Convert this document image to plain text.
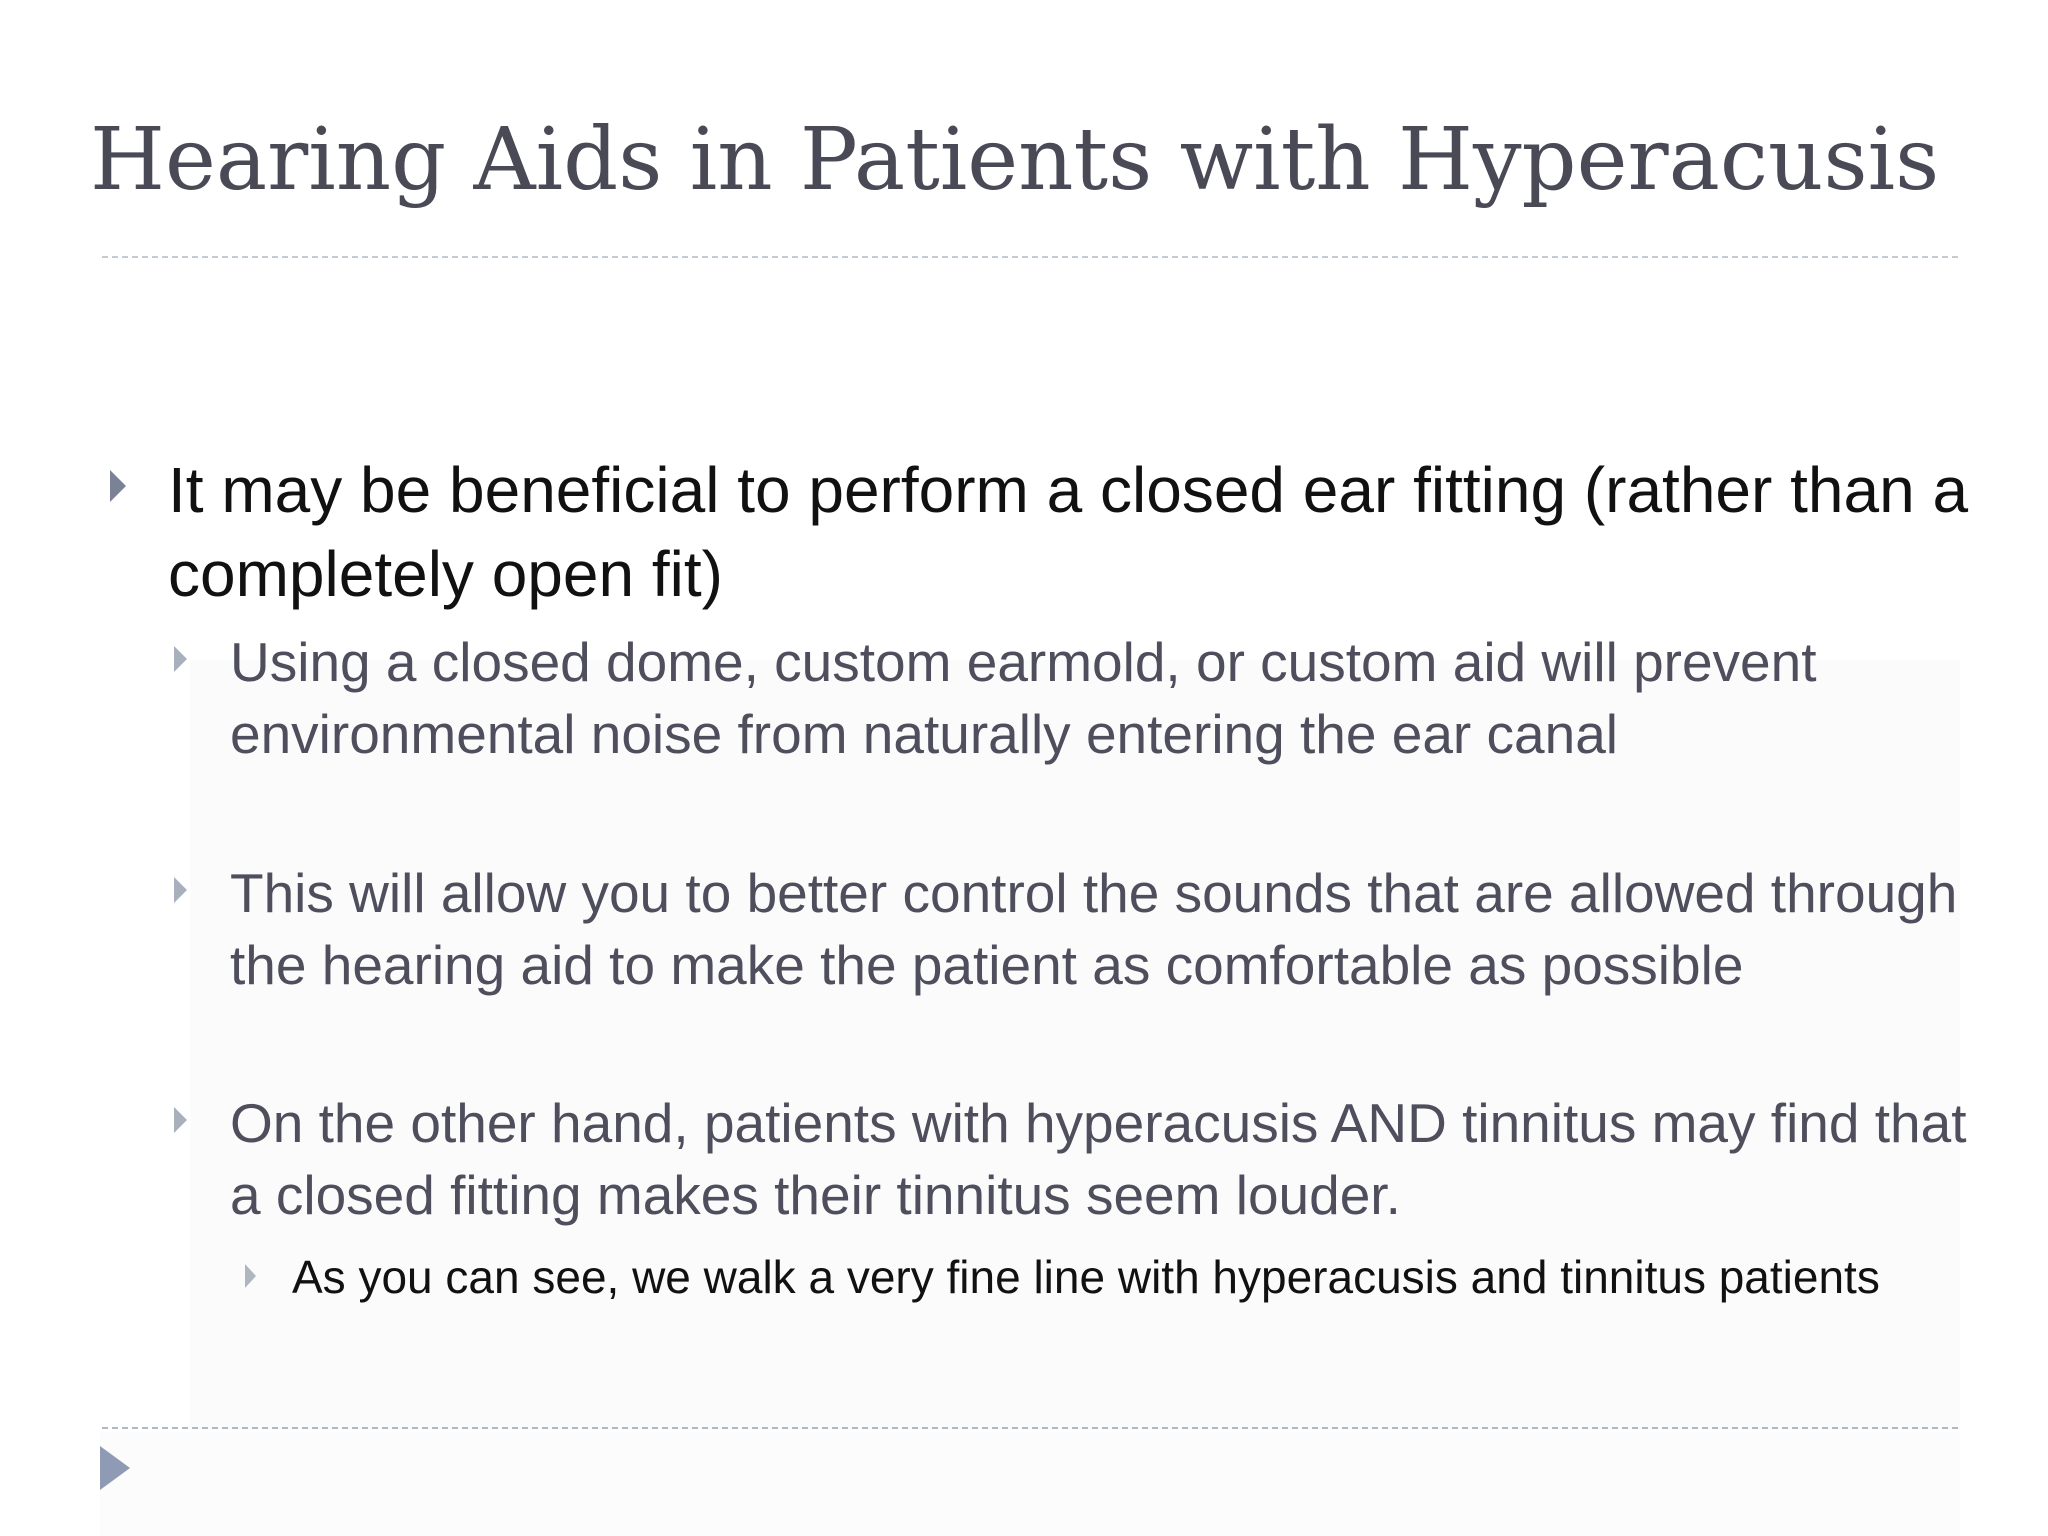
Hearing Aids in Patients with Hyperacusis
It may be beneficial to perform a closed ear fitting (rather than a completely open fit)
Using a closed dome, custom earmold, or custom aid will prevent environmental noise from naturally entering the ear canal
This will allow you to better control the sounds that are allowed through the hearing aid to make the patient as comfortable as possible
On the other hand, patients with hyperacusis AND tinnitus may find that a closed fitting makes their tinnitus seem louder.
As you can see, we walk a very fine line with hyperacusis and tinnitus patients
